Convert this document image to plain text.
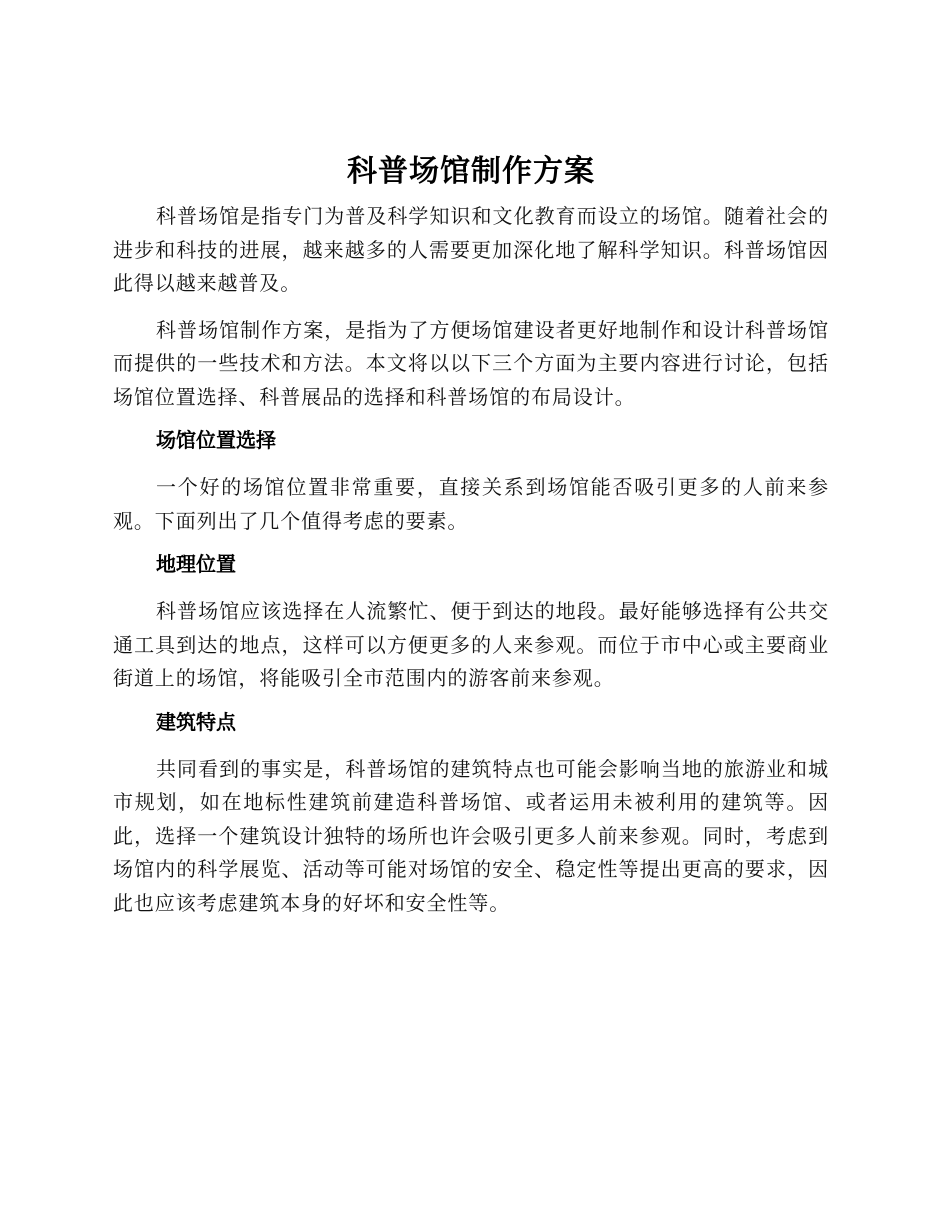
科普场馆制作方案

科普场馆是指专门为普及科学知识和文化教育而设立的场馆。随着社会的进步和科技的进展，越来越多的人需要更加深化地了解科学知识。科普场馆因此得以越来越普及。

科普场馆制作方案，是指为了方便场馆建设者更好地制作和设计科普场馆而提供的一些技术和方法。本文将以以下三个方面为主要内容进行讨论，包括场馆位置选择、科普展品的选择和科普场馆的布局设计。

场馆位置选择

一个好的场馆位置非常重要，直接关系到场馆能否吸引更多的人前来参观。下面列出了几个值得考虑的要素。

地理位置

科普场馆应该选择在人流繁忙、便于到达的地段。最好能够选择有公共交通工具到达的地点，这样可以方便更多的人来参观。而位于市中心或主要商业街道上的场馆，将能吸引全市范围内的游客前来参观。

建筑特点

共同看到的事实是，科普场馆的建筑特点也可能会影响当地的旅游业和城市规划，如在地标性建筑前建造科普场馆、或者运用未被利用的建筑等。因此，选择一个建筑设计独特的场所也许会吸引更多人前来参观。同时，考虑到场馆内的科学展览、活动等可能对场馆的安全、稳定性等提出更高的要求，因此也应该考虑建筑本身的好坏和安全性等。
